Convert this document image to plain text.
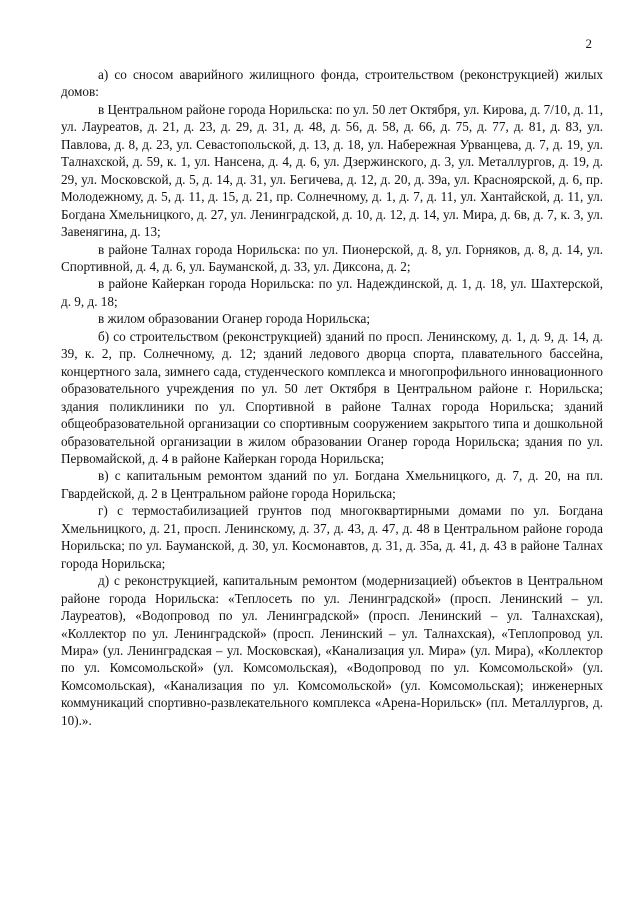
2

а) со сносом аварийного жилищного фонда, строительством (реконструкцией) жилых домов:

в Центральном районе города Норильска: по ул. 50 лет Октября, ул. Кирова, д. 7/10, д. 11, ул. Лауреатов, д. 21, д. 23, д. 29, д. 31, д. 48, д. 56, д. 58, д. 66, д. 75, д. 77, д. 81, д. 83, ул. Павлова, д. 8, д. 23, ул. Севастопольской, д. 13, д. 18, ул. Набережная Урванцева, д. 7, д. 19, ул. Талнахской, д. 59, к. 1, ул. Нансена, д. 4, д. 6, ул. Дзержинского, д. 3, ул. Металлургов, д. 19, д. 29, ул. Московской, д. 5, д. 14, д. 31, ул. Бегичева, д. 12, д. 20, д. 39а, ул. Красноярской, д. 6, пр. Молодежному, д. 5, д. 11, д. 15, д. 21, пр. Солнечному, д. 1, д. 7, д. 11, ул. Хантайской, д. 11, ул. Богдана Хмельницкого, д. 27, ул. Ленинградской, д. 10, д. 12, д. 14, ул. Мира, д. 6в, д. 7, к. 3, ул. Завенягина, д. 13;

в районе Талнах города Норильска: по ул. Пионерской, д. 8, ул. Горняков, д. 8, д. 14, ул. Спортивной, д. 4, д. 6, ул. Бауманской, д. 33, ул. Диксона, д. 2;

в районе Кайеркан города Норильска: по ул. Надеждинской, д. 1, д. 18, ул. Шахтерской, д. 9, д. 18;

в жилом образовании Оганер города Норильска;

б) со строительством (реконструкцией) зданий по просп. Ленинскому, д. 1, д. 9, д. 14, д. 39, к. 2, пр. Солнечному, д. 12; зданий ледового дворца спорта, плавательного бассейна, концертного зала, зимнего сада, студенческого комплекса и многопрофильного инновационного образовательного учреждения по ул. 50 лет Октября в Центральном районе г. Норильска; здания поликлиники по ул. Спортивной в районе Талнах города Норильска; зданий общеобразовательной организации со спортивным сооружением закрытого типа и дошкольной образовательной организации в жилом образовании Оганер города Норильска; здания по ул. Первомайской, д. 4 в районе Кайеркан города Норильска;

в) с капитальным ремонтом зданий по ул. Богдана Хмельницкого, д. 7, д. 20, на пл. Гвардейской, д. 2 в Центральном районе города Норильска;

г) с термостабилизацией грунтов под многоквартирными домами по ул. Богдана Хмельницкого, д. 21, просп. Ленинскому, д. 37, д. 43, д. 47, д. 48 в Центральном районе города Норильска; по ул. Бауманской, д. 30, ул. Космонавтов, д. 31, д. 35а, д. 41, д. 43 в районе Талнах города Норильска;

д) с реконструкцией, капитальным ремонтом (модернизацией) объектов в Центральном районе города Норильска: «Теплосеть по ул. Ленинградской» (просп. Ленинский – ул. Лауреатов), «Водопровод по ул. Ленинградской» (просп. Ленинский – ул. Талнахская), «Коллектор по ул. Ленинградской» (просп. Ленинский – ул. Талнахская), «Теплопровод ул. Мира» (ул. Ленинградская – ул. Московская), «Канализация ул. Мира» (ул. Мира), «Коллектор по ул. Комсомольской» (ул. Комсомольская), «Водопровод по ул. Комсомольской» (ул. Комсомольская), «Канализация по ул. Комсомольской» (ул. Комсомольская); инженерных коммуникаций спортивно-развлекательного комплекса «Арена-Норильск» (пл. Металлургов, д. 10).».
